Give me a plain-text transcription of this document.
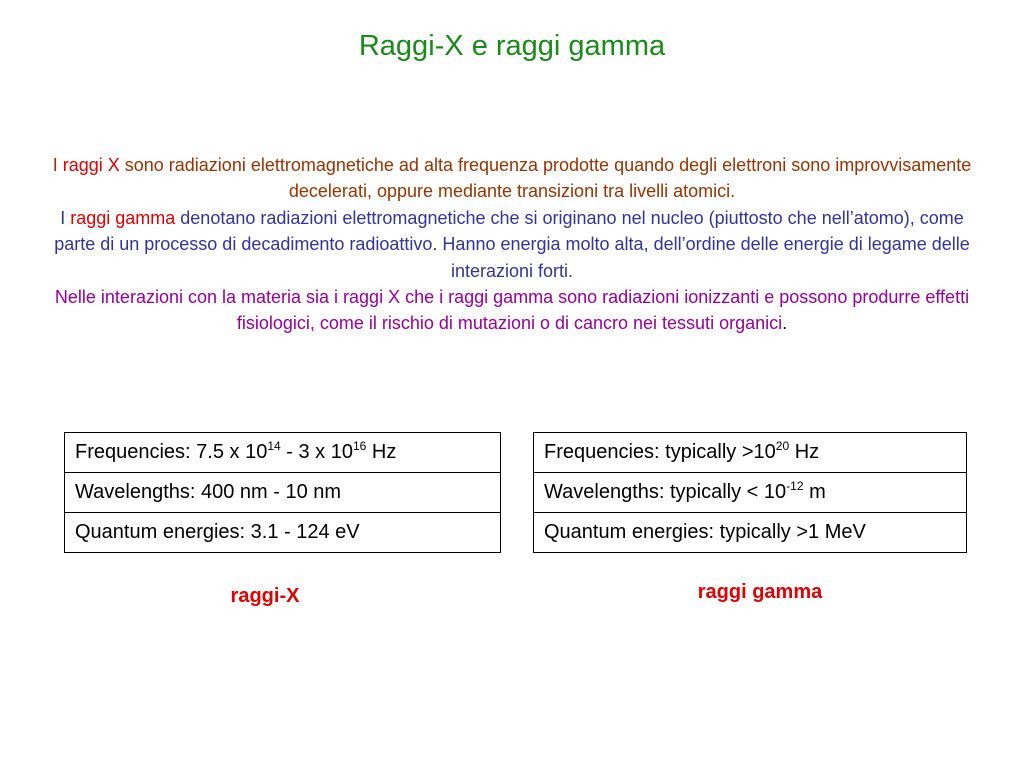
Raggi-X e raggi gamma

I raggi X sono radiazioni elettromagnetiche ad alta frequenza prodotte quando degli elettroni sono improvvisamente decelerati, oppure mediante transizioni tra livelli atomici.

I raggi gamma denotano radiazioni elettromagnetiche che si originano nel nucleo (piuttosto che nell’atomo), come parte di un processo di decadimento radioattivo. Hanno energia molto alta, dell’ordine delle energie di legame delle interazioni forti.

Nelle interazioni con la materia sia i raggi X che i raggi gamma sono radiazioni ionizzanti e possono produrre effetti fisiologici, come il rischio di mutazioni o di cancro nei tessuti organici.

Frequencies: 7.5 x $10^{14} - 3$ x $10^{16}$ Hz
Wavelengths: 400 nm - 10 nm
Quantum energies: 3.1 - 124 eV
Frequencies: typically $>10^{20}$ Hz
Wavelengths: typically < $10^{-12}$ m
Quantum energies: typically >1 MeV
raggi-X	raggi gamma
